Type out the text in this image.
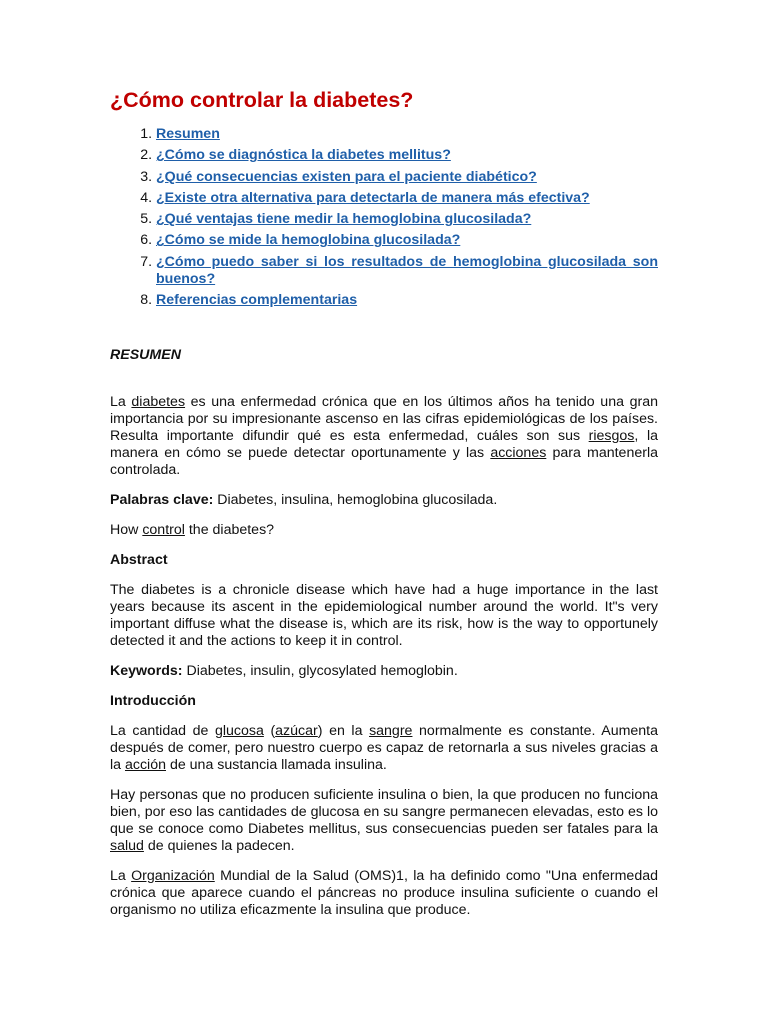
¿Cómo controlar la diabetes?
1. Resumen
2. ¿Cómo se diagnóstica la diabetes mellitus?
3. ¿Qué consecuencias existen para el paciente diabético?
4. ¿Existe otra alternativa para detectarla de manera más efectiva?
5. ¿Qué ventajas tiene medir la hemoglobina glucosilada?
6. ¿Cómo se mide la hemoglobina glucosilada?
7. ¿Cómo puedo saber si los resultados de hemoglobina glucosilada son buenos?
8. Referencias complementarias
RESUMEN

La diabetes es una enfermedad crónica que en los últimos años ha tenido una gran importancia por su impresionante ascenso en las cifras epidemiológicas de los países. Resulta importante difundir qué es esta enfermedad, cuáles son sus riesgos, la manera en cómo se puede detectar oportunamente y las acciones para mantenerla controlada.

Palabras clave: Diabetes, insulina, hemoglobina glucosilada.

How control the diabetes?

Abstract

The diabetes is a chronicle disease which have had a huge importance in the last years because its ascent in the epidemiological number around the world. It"s very important diffuse what the disease is, which are its risk, how is the way to opportunely detected it and the actions to keep it in control.

Keywords: Diabetes, insulin, glycosylated hemoglobin.

Introducción

La cantidad de glucosa (azúcar) en la sangre normalmente es constante. Aumenta después de comer, pero nuestro cuerpo es capaz de retornarla a sus niveles gracias a la acción de una sustancia llamada insulina.

Hay personas que no producen suficiente insulina o bien, la que producen no funciona bien, por eso las cantidades de glucosa en su sangre permanecen elevadas, esto es lo que se conoce como Diabetes mellitus, sus consecuencias pueden ser fatales para la salud de quienes la padecen.

La Organización Mundial de la Salud (OMS)1, la ha definido como "Una enfermedad crónica que aparece cuando el páncreas no produce insulina suficiente o cuando el organismo no utiliza eficazmente la insulina que produce.
